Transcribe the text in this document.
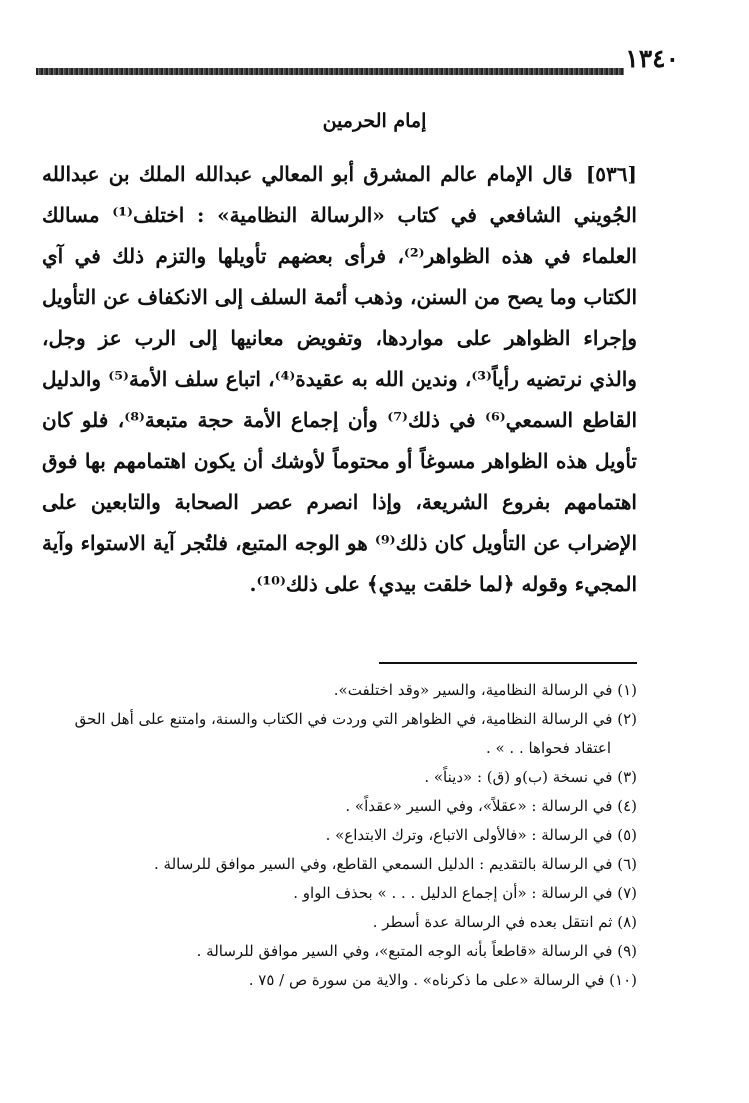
١٣٤٠
إمام الحرمين
[٥٣٦] قال الإمام عالم المشرق أبو المعالي عبدالله الملك بن عبدالله الجُويني الشافعي في كتاب «الرسالة النظامية» : اختلف⁽¹⁾ مسالك العلماء في هذه الظواهر⁽²⁾، فرأى بعضهم تأويلها والتزم ذلك في آي الكتاب وما يصح من السنن، وذهب أئمة السلف إلى الانكفاف عن التأويل وإجراء الظواهر على مواردها، وتفويض معانيها إلى الرب عز وجل، والذي نرتضيه رأياً⁽³⁾، وندين الله به عقيدة⁽⁴⁾، اتباع سلف الأمة⁽⁵⁾ والدليل القاطع السمعي⁽⁶⁾ في ذلك⁽⁷⁾ وأن إجماع الأمة حجة متبعة⁽⁸⁾، فلو كان تأويل هذه الظواهر مسوغاً أو محتوماً لأوشك أن يكون اهتمامهم بها فوق اهتمامهم بفروع الشريعة، وإذا انصرم عصر الصحابة والتابعين على الإضراب عن التأويل كان ذلك⁽⁹⁾ هو الوجه المتبع، فلتُجر آية الاستواء وآية المجيء وقوله ﴿لما خلقت بيدي﴾ على ذلك⁽¹⁰⁾.
(١) في الرسالة النظامية، والسير «وقد اختلفت».
(٢) في الرسالة النظامية، في الظواهر التي وردت في الكتاب والسنة، وامتنع على أهل الحق
اعتقاد فحواها . . » .
(٣) في نسخة (ب)و (ق) : «ديناً» .
(٤) في الرسالة : «عقلاً»، وفي السير «عقداً» .
(٥) في الرسالة : «فالأولى الاتباع، وترك الابتداع» .
(٦) في الرسالة بالتقديم : الدليل السمعي القاطع، وفي السير موافق للرسالة .
(٧) في الرسالة : «أن إجماع الدليل . . . » بحذف الواو .
(٨) ثم انتقل بعده في الرسالة عدة أسطر .
(٩) في الرسالة «قاطعاً بأنه الوجه المتبع»، وفي السير موافق للرسالة .
(١٠) في الرسالة «على ما ذكرناه» . والاية من سورة ص / ٧٥ .
